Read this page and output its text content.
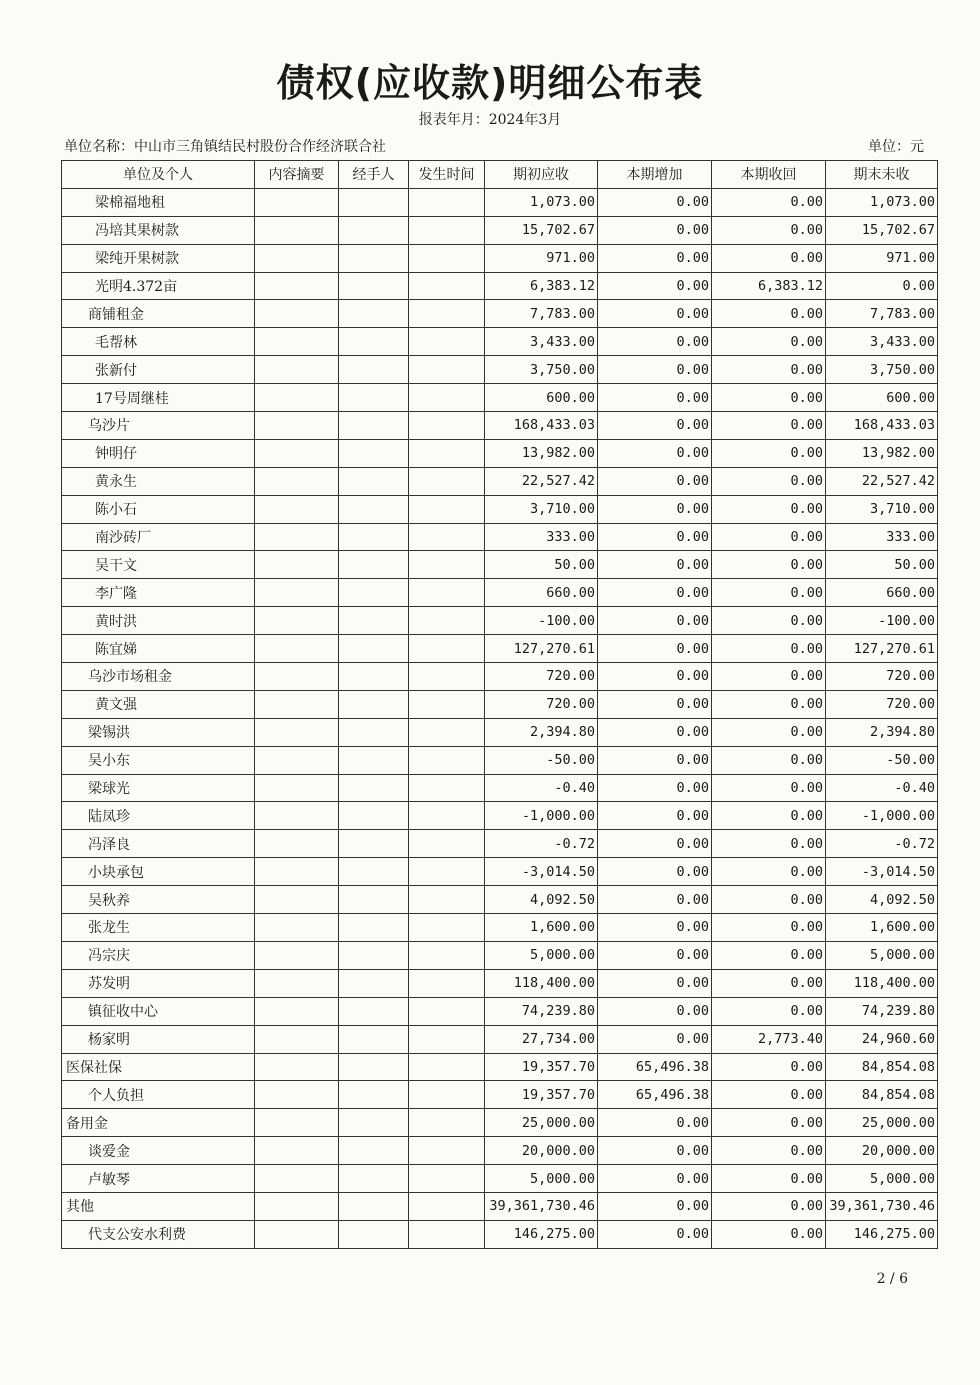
债权(应收款)明细公布表
报表年月：2024年3月
单位名称：中山市三角镇结民村股份合作经济联合社	单位：元
单位及个人	内容摘要	经手人	发生时间	期初应收	本期增加	本期收回	期末未收
梁棉福地租				1,073.00	0.00	0.00	1,073.00
冯培其果树款				15,702.67	0.00	0.00	15,702.67
梁纯开果树款				971.00	0.00	0.00	971.00
光明4.372亩				6,383.12	0.00	6,383.12	0.00
商铺租金				7,783.00	0.00	0.00	7,783.00
毛帮林				3,433.00	0.00	0.00	3,433.00
张新付				3,750.00	0.00	0.00	3,750.00
17号周继桂				600.00	0.00	0.00	600.00
乌沙片				168,433.03	0.00	0.00	168,433.03
钟明仔				13,982.00	0.00	0.00	13,982.00
黄永生				22,527.42	0.00	0.00	22,527.42
陈小石				3,710.00	0.00	0.00	3,710.00
南沙砖厂				333.00	0.00	0.00	333.00
吴干文				50.00	0.00	0.00	50.00
李广隆				660.00	0.00	0.00	660.00
黄时洪				-100.00	0.00	0.00	-100.00
陈宜娣				127,270.61	0.00	0.00	127,270.61
乌沙市场租金				720.00	0.00	0.00	720.00
黄文强				720.00	0.00	0.00	720.00
梁锡洪				2,394.80	0.00	0.00	2,394.80
吴小东				-50.00	0.00	0.00	-50.00
梁球光				-0.40	0.00	0.00	-0.40
陆凤珍				-1,000.00	0.00	0.00	-1,000.00
冯泽良				-0.72	0.00	0.00	-0.72
小块承包				-3,014.50	0.00	0.00	-3,014.50
吴秋养				4,092.50	0.00	0.00	4,092.50
张龙生				1,600.00	0.00	0.00	1,600.00
冯宗庆				5,000.00	0.00	0.00	5,000.00
苏发明				118,400.00	0.00	0.00	118,400.00
镇征收中心				74,239.80	0.00	0.00	74,239.80
杨家明				27,734.00	0.00	2,773.40	24,960.60
医保社保				19,357.70	65,496.38	0.00	84,854.08
个人负担				19,357.70	65,496.38	0.00	84,854.08
备用金				25,000.00	0.00	0.00	25,000.00
谈爱金				20,000.00	0.00	0.00	20,000.00
卢敏琴				5,000.00	0.00	0.00	5,000.00
其他				39,361,730.46	0.00	0.00	39,361,730.46
代支公安水利费				146,275.00	0.00	0.00	146,275.00
2 / 6
